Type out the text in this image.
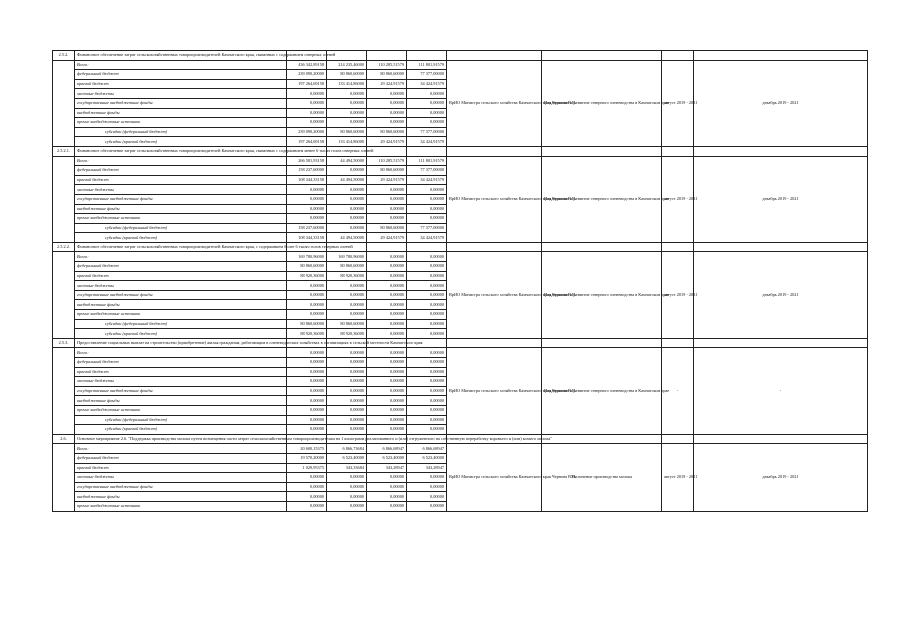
2.5.2.	Финансовое обеспечение затрат сельскохозяйственных товаропроизводителей Камчатского края, связанных с содержанием северных оленей								
	Всего:	436 342,89158	214 235,46000	110 285,51579	111 801,91579	ВрИО Министра сельского хозяйства Камчатского края Чернова В.П.	Поддержание и развитие северного оленеводства в Камчатском крае	август 2019 - 2021	декабрь 2019 - 2021
	федеральный бюджет	239 090,20000	80 860,60000	80 860,60000	77 377,00000				
	краевой бюджет	197 264,69158	133 414,86000	29 424,91579	34 424,91579				
	местные бюджеты	0,00000	0,00000	0,00000	0,00000				
	государственные внебюджетные фонды	0,00000	0,00000	0,00000	0,00000				
	внебюджетные фонды	0,00000	0,00000	0,00000	0,00000				
	прочие внебюджетные источники	0,00000	0,00000	0,00000	0,00000				
	субсидии (федеральный бюджет)	239 090,20000	80 860,60000	80 860,60000	77 377,00000				
	субсидии (краевой бюджет)	197 264,69158	133 414,86000	29 424,91579	34 424,91579				
2.5.2.1.	Финансовое обеспечение затрат сельскохозяйственных товаропроизводителей Камчатского края, связанных с содержанием менее 6 тысяч голов северных оленей								
	Всего:	266 581,93158	44 494,50000	110 285,51579	111 801,91579	ВрИО Министра сельского хозяйства Камчатского края Чернова В.П.	Поддержание и развитие северного оленеводства в Камчатском крае	август 2019 - 2021	декабрь 2019 - 2021
	федеральный бюджет	158 237,60000	0,00000	80 860,60000	77 377,00000				
	краевой бюджет	108 344,33158	44 494,50000	29 424,91579	34 424,91579				
	местные бюджеты	0,00000	0,00000	0,00000	0,00000				
	государственные внебюджетные фонды	0,00000	0,00000	0,00000	0,00000				
	внебюджетные фонды	0,00000	0,00000	0,00000	0,00000				
	прочие внебюджетные источники	0,00000	0,00000	0,00000	0,00000				
	субсидии (федеральный бюджет)	158 237,60000	0,00000	80 860,60000	77 377,00000				
	субсидии (краевой бюджет)	108 344,33158	44 494,50000	29 424,91579	34 424,91579				
2.5.2.2.	Финансовое обеспечение затрат сельскохозяйственных товаропроизводителей Камчатского края, с содержанием более 6 тысяч голов северных оленей								
	Всего:	169 780,96000	169 780,96000	0,00000	0,00000	ВрИО Министра сельского хозяйства Камчатского края Чернова В.П.	Поддержание и развитие северного оленеводства в Камчатском крае	август 2019 - 2021	декабрь 2019 - 2021
	федеральный бюджет	80 860,60000	80 860,60000	0,00000	0,00000				
	краевой бюджет	88 920,36000	88 920,36000	0,00000	0,00000				
	местные бюджеты	0,00000	0,00000	0,00000	0,00000				
	государственные внебюджетные фонды	0,00000	0,00000	0,00000	0,00000				
	внебюджетные фонды	0,00000	0,00000	0,00000	0,00000				
	прочие внебюджетные источники	0,00000	0,00000	0,00000	0,00000				
	субсидии (федеральный бюджет)	80 860,60000	80 860,60000	0,00000	0,00000				
	субсидии (краевой бюджет)	88 920,36000	88 920,36000	0,00000	0,00000				
2.5.3.	Предоставление социальных выплат на строительство (приобретение) жилья гражданам, работающим в оленеводческих хозяйствах в организациях в сельской местности Камчатского края								
	Всего:	0,00000	0,00000	0,00000	0,00000	ВрИО Министра сельского хозяйства Камчатского края Чернова В.П.	Поддержание и развитие северного оленеводства в Камчатском крае	-	-
	федеральный бюджет	0,00000	0,00000	0,00000	0,00000				
	краевой бюджет	0,00000	0,00000	0,00000	0,00000				
	местные бюджеты	0,00000	0,00000	0,00000	0,00000				
	государственные внебюджетные фонды	0,00000	0,00000	0,00000	0,00000				
	внебюджетные фонды	0,00000	0,00000	0,00000	0,00000				
	прочие внебюджетные источники	0,00000	0,00000	0,00000	0,00000				
	субсидии (федеральный бюджет)	0,00000	0,00000	0,00000	0,00000				
	субсидии (краевой бюджет)	0,00000	0,00000	0,00000	0,00000				
2.6.	Основное мероприятие 2.6. "Поддержка производства молока путем возмещения части затрат сельскохозяйственным товаропроизводителям на 1 килограмм реализованного и (или) отгруженного на собственную переработку коровьего и (или) козьего молока"								
	Всего:	20 600,15375	6 866,73684	6 866,68947	6 866,68947	ВрИО Министра сельского хозяйства Камчатского края Чернова В.П.	Увеличение производства молока	август 2019 - 2021	декабрь 2019 - 2021
	федеральный бюджет	19 570,20000	6 523,40000	6 523,40000	6 523,40000				
	краевой бюджет	1 029,95375	343,33684	343,28947	343,28947				
	местные бюджеты	0,00000	0,00000	0,00000	0,00000				
	государственные внебюджетные фонды	0,00000	0,00000	0,00000	0,00000				
	внебюджетные фонды	0,00000	0,00000	0,00000	0,00000				
	прочие внебюджетные источники	0,00000	0,00000	0,00000	0,00000				
